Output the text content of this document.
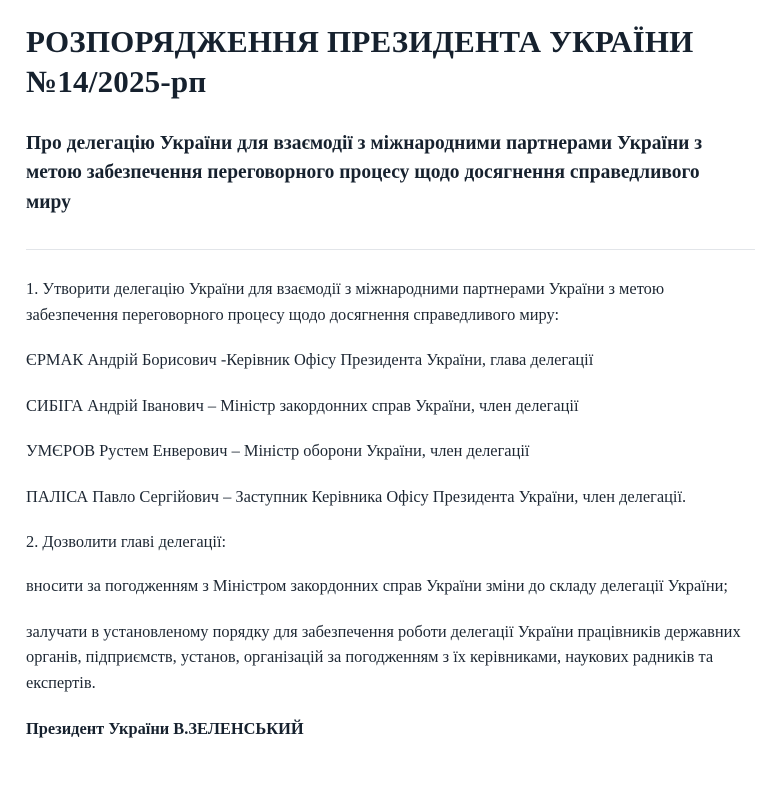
РОЗПОРЯДЖЕННЯ ПРЕЗИДЕНТА УКРАЇНИ №14/2025-рп
Про делегацію України для взаємодії з міжнародними партнерами України з метою забезпечення переговорного процесу щодо досягнення справедливого миру

1. Утворити делегацію України для взаємодії з міжнародними партнерами України з метою забезпечення переговорного процесу щодо досягнення справедливого миру:

ЄРМАК Андрій Борисович -Керівник Офісу Президента України, глава делегації

СИБІГА Андрій Іванович – Міністр закордонних справ України, член делегації

УМЄРОВ Рустем Енверович – Міністр оборони України, член делегації

ПАЛІСА Павло Сергійович – Заступник Керівника Офісу Президента України, член делегації.

2. Дозволити главі делегації:

вносити за погодженням з Міністром закордонних справ України зміни до складу делегації України;

залучати в установленому порядку для забезпечення роботи делегації України працівників державних органів, підприємств, установ, організацій за погодженням з їх керівниками, наукових радників та експертів.

Президент України В.ЗЕЛЕНСЬКИЙ
